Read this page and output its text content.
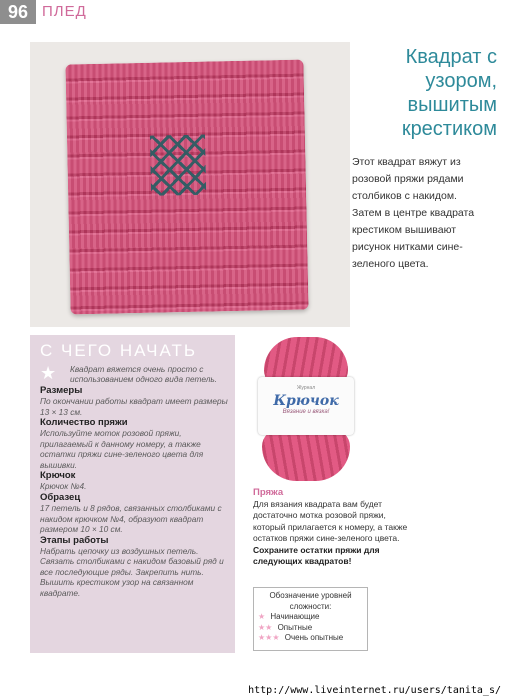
96 ПЛЕД
Квадрат с узором, вышитым крестиком
Этот квадрат вяжут из розовой пряжи рядами столбиков с накидом. Затем в центре квадрата крестиком вышивают рисунок нитками сине-зеленого цвета.
С ЧЕГО НАЧАТЬ
★	Квадрат вяжется очень просто с использованием одного вида петель.
Размеры
По окончании работы квадрат имеет размеры 13 × 13 см.
Количество пряжи
Используйте моток розовой пряжи, прилагаемый к данному номеру, а также остатки пряжи сине-зеленого цвета для вышивки.
Крючок
Крючок №4.
Образец
17 петель и 8 рядов, связанных столбиками с накидом крючком №4, образуют квадрат размером 10 × 10 см.
Этапы работы
Набрать цепочку из воздушных петель. Связать столбиками с накидом базовый ряд и все последующие ряды. Закрепить нить. Вышить крестиком узор на связанном квадрате.
Журнал
Крючок
Вязание и вязка!
Пряжа
Для вязания квадрата вам будет достаточно мотка розовой пряжи, который прилагается к номеру, а также остатков пряжи сине-зеленого цвета.
Сохраните остатки пряжи для следующих квадратов!
Обозначение уровней сложности:
★ Начинающие
★★ Опытные
★★★ Очень опытные
http://www.liveinternet.ru/users/tanita_s/
